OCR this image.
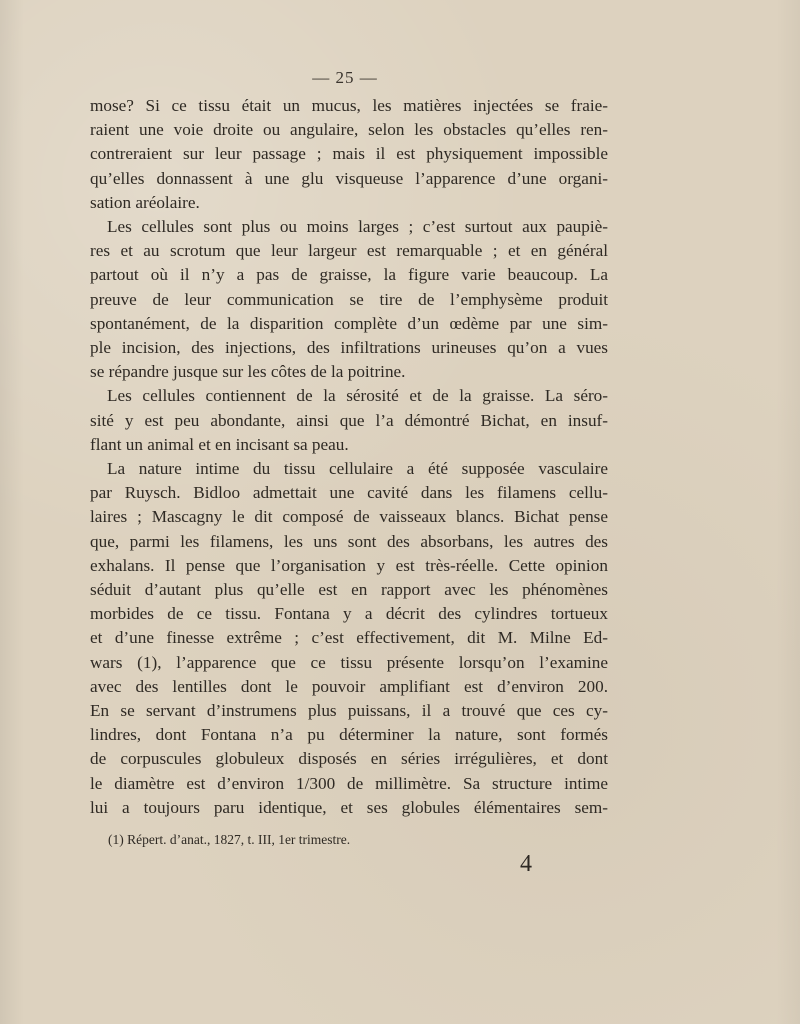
— 25 —
mose? Si ce tissu était un mucus, les matières injectées se fraie-
raient une voie droite ou angulaire, selon les obstacles qu’elles ren-
contreraient sur leur passage ; mais il est physiquement impossible
qu’elles donnassent à une glu visqueuse l’apparence d’une organi-
sation aréolaire.
Les cellules sont plus ou moins larges ; c’est surtout aux paupiè-
res et au scrotum que leur largeur est remarquable ; et en général
partout où il n’y a pas de graisse, la figure varie beaucoup. La
preuve de leur communication se tire de l’emphysème produit
spontanément, de la disparition complète d’un œdème par une sim-
ple incision, des injections, des infiltrations urineuses qu’on a vues
se répandre jusque sur les côtes de la poitrine.
Les cellules contiennent de la sérosité et de la graisse. La séro-
sité y est peu abondante, ainsi que l’a démontré Bichat, en insuf-
flant un animal et en incisant sa peau.
La nature intime du tissu cellulaire a été supposée vasculaire
par Ruysch. Bidloo admettait une cavité dans les filamens cellu-
laires ; Mascagny le dit composé de vaisseaux blancs. Bichat pense
que, parmi les filamens, les uns sont des absorbans, les autres des
exhalans. Il pense que l’organisation y est très-réelle. Cette opinion
séduit d’autant plus qu’elle est en rapport avec les phénomènes
morbides de ce tissu. Fontana y a décrit des cylindres tortueux
et d’une finesse extrême ; c’est effectivement, dit M. Milne Ed-
wars (1), l’apparence que ce tissu présente lorsqu’on l’examine
avec des lentilles dont le pouvoir amplifiant est d’environ 200.
En se servant d’instrumens plus puissans, il a trouvé que ces cy-
lindres, dont Fontana n’a pu déterminer la nature, sont formés
de corpuscules globuleux disposés en séries irrégulières, et dont
le diamètre est d’environ 1/300 de millimètre. Sa structure intime
lui a toujours paru identique, et ses globules élémentaires sem-
(1) Répert. d’anat., 1827, t. III, 1er trimestre.
4
